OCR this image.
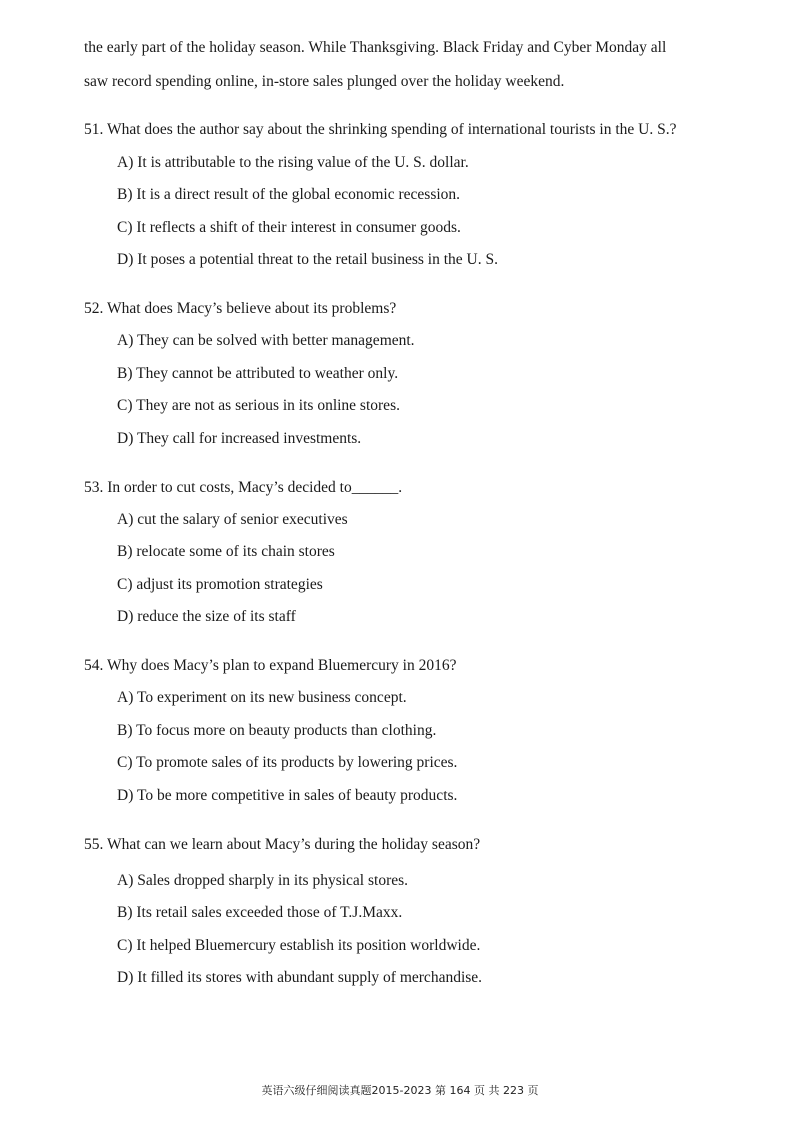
the early part of the holiday season. While Thanksgiving. Black Friday and Cyber Monday all

saw record spending online, in-store sales plunged over the holiday weekend.

51. What does the author say about the shrinking spending of international tourists in the U. S.?

A) It is attributable to the rising value of the U. S. dollar.

B) It is a direct result of the global economic recession.

C) It reflects a shift of their interest in consumer goods.

D) It poses a potential threat to the retail business in the U. S.

52. What does Macy’s believe about its problems?

A) They can be solved with better management.

B) They cannot be attributed to weather only.

C) They are not as serious in its online stores.

D) They call for increased investments.

53. In order to cut costs, Macy’s decided to______.

A) cut the salary of senior executives

B) relocate some of its chain stores

C) adjust its promotion strategies

D) reduce the size of its staff

54. Why does Macy’s plan to expand Bluemercury in 2016?

A) To experiment on its new business concept.

B) To focus more on beauty products than clothing.

C) To promote sales of its products by lowering prices.

D) To be more competitive in sales of beauty products.

55. What can we learn about Macy’s during the holiday season?

A) Sales dropped sharply in its physical stores.

B) Its retail sales exceeded those of T.J.Maxx.

C) It helped Bluemercury establish its position worldwide.

D) It filled its stores with abundant supply of merchandise.

英语六级仔细阅读真题2015-2023 第 164 页 共 223 页
